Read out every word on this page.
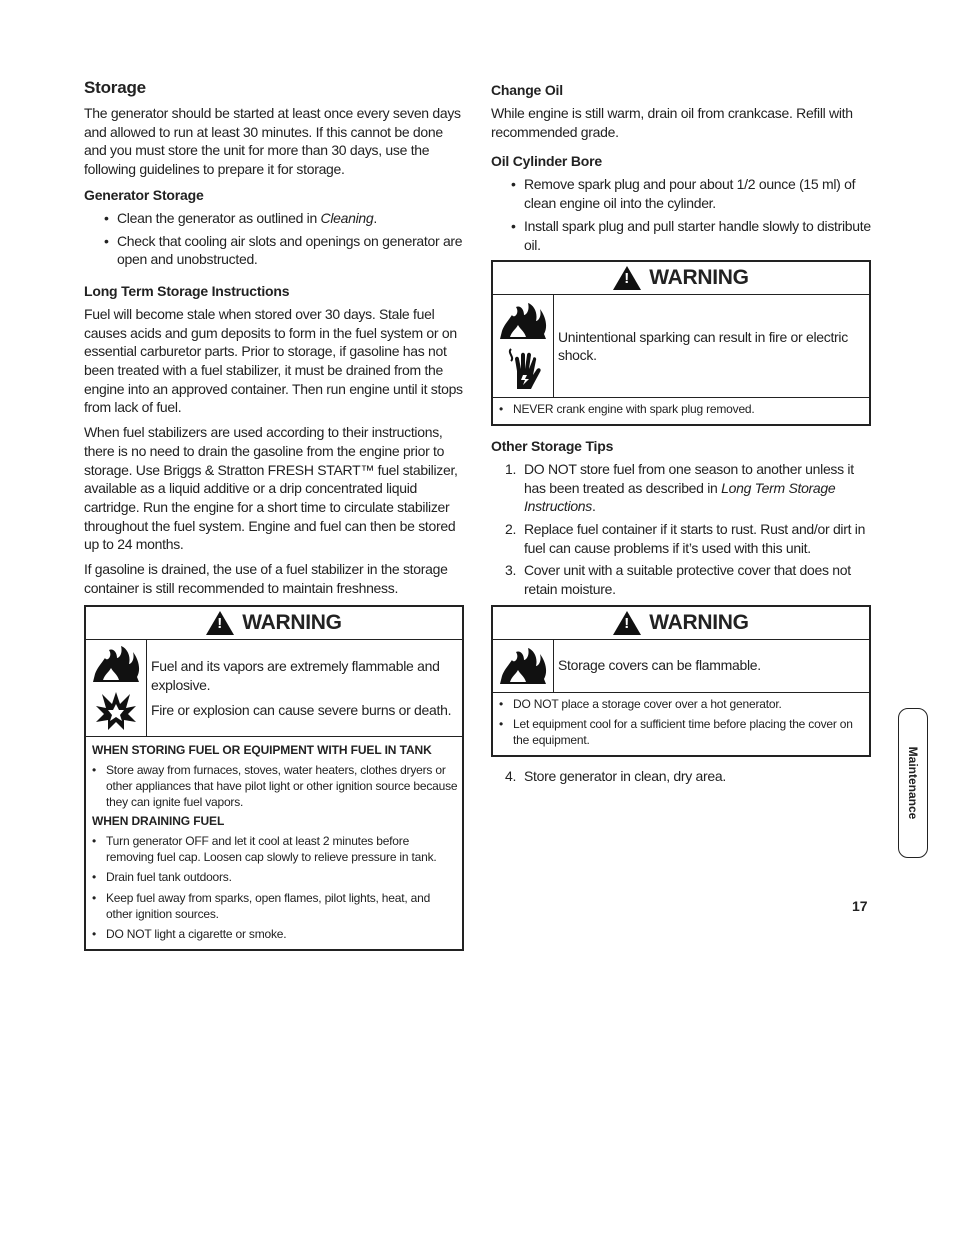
Storage

The generator should be started at least once every seven days and allowed to run at least 30 minutes. If this cannot be done and you must store the unit for more than 30 days, use the following guidelines to prepare it for storage.

Generator Storage
• Clean the generator as outlined in Cleaning.
• Check that cooling air slots and openings on generator are open and unobstructed.
Long Term Storage Instructions

Fuel will become stale when stored over 30 days. Stale fuel causes acids and gum deposits to form in the fuel system or on essential carburetor parts. Prior to storage, if gasoline has not been treated with a fuel stabilizer, it must be drained from the engine into an approved container. Then run engine until it stops from lack of fuel.

When fuel stabilizers are used according to their instructions, there is no need to drain the gasoline from the engine prior to storage. Use Briggs & Stratton FRESH START™ fuel stabilizer, available as a liquid additive or a drip concentrated liquid cartridge. Run the engine for a short time to circulate stabilizer throughout the fuel system. Engine and fuel can then be stored up to 24 months.

If gasoline is drained, the use of a fuel stabilizer in the storage container is still recommended to maintain freshness.

! WARNING

Fuel and its vapors are extremely flammable and explosive.

Fire or explosion can cause severe burns or death.

WHEN STORING FUEL OR EQUIPMENT WITH FUEL IN TANK
• Store away from furnaces, stoves, water heaters, clothes dryers or other appliances that have pilot light or other ignition source because they can ignite fuel vapors.
WHEN DRAINING FUEL
• Turn generator OFF and let it cool at least 2 minutes before removing fuel cap. Loosen cap slowly to relieve pressure in tank.
• Drain fuel tank outdoors.
• Keep fuel away from sparks, open flames, pilot lights, heat, and other ignition sources.
• DO NOT light a cigarette or smoke.
Change Oil

While engine is still warm, drain oil from crankcase. Refill with recommended grade.

Oil Cylinder Bore
• Remove spark plug and pour about 1/2 ounce (15 ml) of clean engine oil into the cylinder.
• Install spark plug and pull starter handle slowly to distribute oil.
! WARNING

Unintentional sparking can result in fire or electric shock.

• NEVER crank engine with spark plug removed.
Other Storage Tips
1. DO NOT store fuel from one season to another unless it has been treated as described in Long Term Storage Instructions.
2. Replace fuel container if it starts to rust. Rust and/or dirt in fuel can cause problems if it’s used with this unit.
3. Cover unit with a suitable protective cover that does not retain moisture.
! WARNING

Storage covers can be flammable.

• DO NOT place a storage cover over a hot generator.
• Let equipment cool for a sufficient time before placing the cover on the equipment.
4. Store generator in clean, dry area.	Maintenance
17
